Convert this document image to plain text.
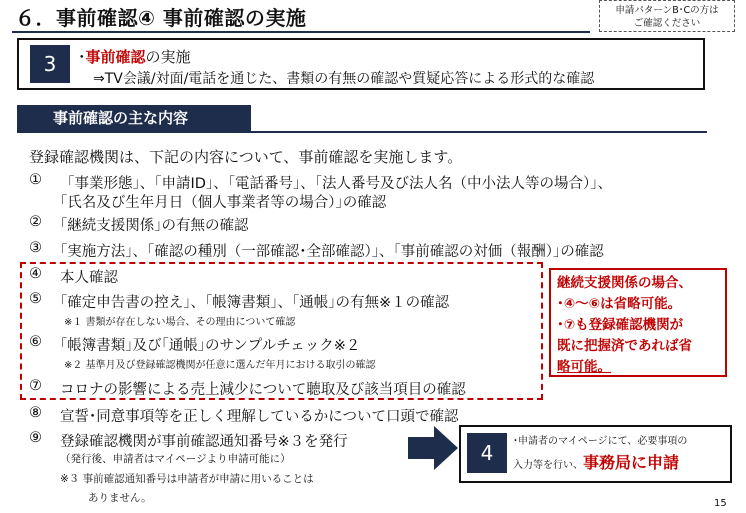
６．事前確認④ 事前確認の実施	申請パターンB･Cの方は
ご確認ください
3	･事前確認の実施
⇒TV会議/対面/電話を通じた、書類の有無の確認や質疑応答による形式的な確認
事前確認の主な内容
登録確認機関は、下記の内容について、事前確認を実施します。
① 「事業形態」、｢申請ID｣、｢電話番号｣、｢法人番号及び法人名（中小法人等の場合）｣、
｢氏名及び生年月日（個人事業者等の場合）｣の確認
② ｢継続支援関係｣の有無の確認
③ ｢実施方法｣、｢確認の種別（一部確認･全部確認）｣、｢事前確認の対価（報酬）｣の確認
④ 本人確認
⑤ ｢確定申告書の控え｣、｢帳簿書類｣、｢通帳｣の有無※１の確認
※１ 書類が存在しない場合、その理由について確認
⑥ ｢帳簿書類｣及び｢通帳｣のサンプルチェック※２
※２ 基準月及び登録確認機関が任意に選んだ年月における取引の確認
⑦ コロナの影響による売上減少について聴取及び該当項目の確認
⑧ 宣誓･同意事項等を正しく理解しているかについて口頭で確認
⑨ 登録確認機関が事前確認通知番号※３を発行
（発行後、申請者はマイページより申請可能に）
※３ 事前確認通知番号は申請者が申請に用いることは
ありません。
継続支援関係の場合、
･④～⑥は省略可能。
･⑦も登録確認機関が
既に把握済であれば省
略可能。
4	･申請者のマイページにて、必要事項の
入力等を行い、事務局に申請
15
